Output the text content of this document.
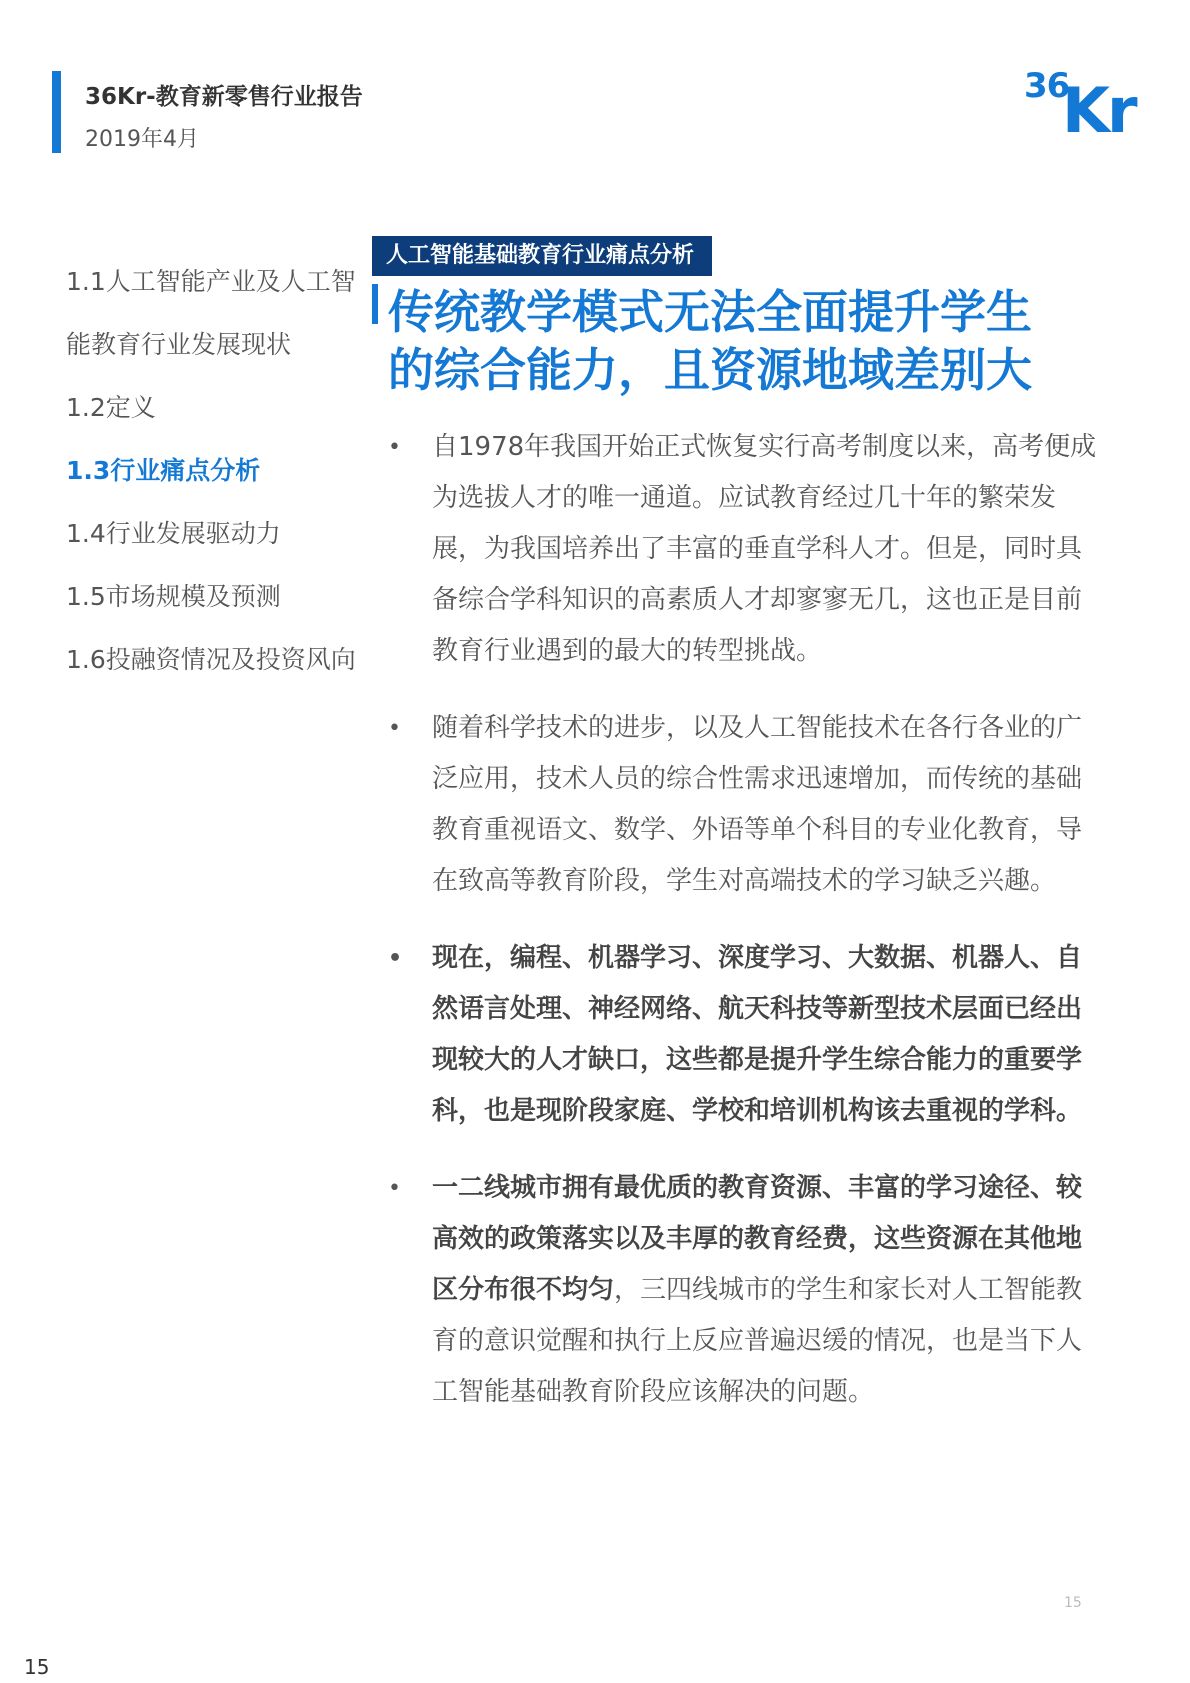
36Kr-教育新零售行业报告
2019年4月
36
Kr
1.1人工智能产业及人工智能教育行业发展现状
1.2定义
1.3行业痛点分析
1.4行业发展驱动力
1.5市场规模及预测
1.6投融资情况及投资风向
人工智能基础教育行业痛点分析
传统教学模式无法全面提升学生
的综合能力，且资源地域差别大
• 自1978年我国开始正式恢复实行高考制度以来，高考便成为选拔人才的唯一通道。应试教育经过几十年的繁荣发展，为我国培养出了丰富的垂直学科人才。但是，同时具备综合学科知识的高素质人才却寥寥无几，这也正是目前教育行业遇到的最大的转型挑战。
• 随着科学技术的进步，以及人工智能技术在各行各业的广泛应用，技术人员的综合性需求迅速增加，而传统的基础教育重视语文、数学、外语等单个科目的专业化教育，导在致高等教育阶段，学生对高端技术的学习缺乏兴趣。
• 现在，编程、机器学习、深度学习、大数据、机器人、自然语言处理、神经网络、航天科技等新型技术层面已经出现较大的人才缺口，这些都是提升学生综合能力的重要学科，也是现阶段家庭、学校和培训机构该去重视的学科。
• 一二线城市拥有最优质的教育资源、丰富的学习途径、较高效的政策落实以及丰厚的教育经费，这些资源在其他地区分布很不均匀，三四线城市的学生和家长对人工智能教育的意识觉醒和执行上反应普遍迟缓的情况，也是当下人工智能基础教育阶段应该解决的问题。
15
15
